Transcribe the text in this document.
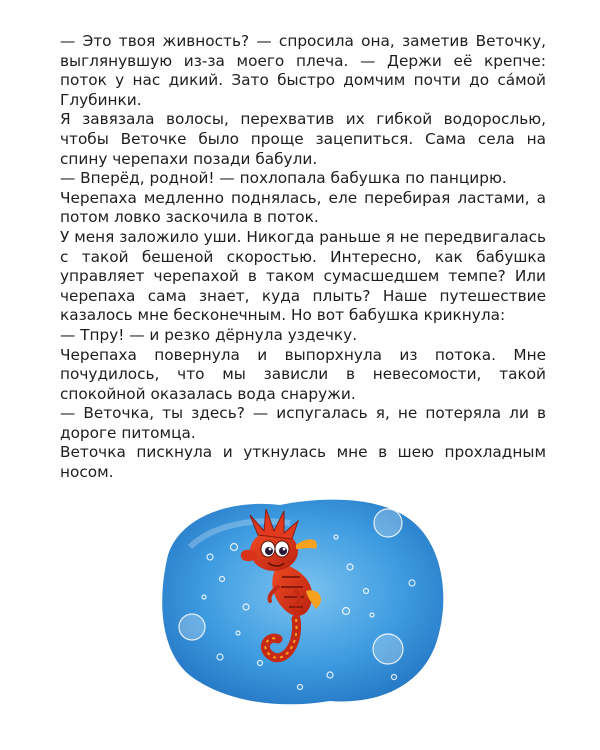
— Это твоя живность? — спросила она, заметив Веточку, выглянувшую из-за моего плеча. — Держи её крепче: поток у нас дикий. Зато быстро домчим почти до сáмой Глубинки.

Я завязала волосы, перехватив их гибкой водорослью, чтобы Веточке было проще зацепиться. Сама села на спину черепахи позади бабули.

— Вперёд, родной! — похлопала бабушка по панцирю.

Черепаха медленно поднялась, еле перебирая ластами, а потом ловко заскочила в поток.

У меня заложило уши. Никогда раньше я не передвигалась с такой бешеной скоростью. Интересно, как бабушка управляет черепахой в таком сумасшедшем темпе? Или черепаха сама знает, куда плыть? Наше путешествие казалось мне бесконечным. Но вот бабушка крикнула:

— Тпру! — и резко дёрнула уздечку.

Черепаха повернула и выпорхнула из потока. Мне почудилось, что мы зависли в невесомости, такой спокойной оказалась вода снаружи.

— Веточка, ты здесь? — испугалась я, не потеряла ли в дороге питомца.

Веточка пискнула и уткнулась мне в шею прохладным носом.
